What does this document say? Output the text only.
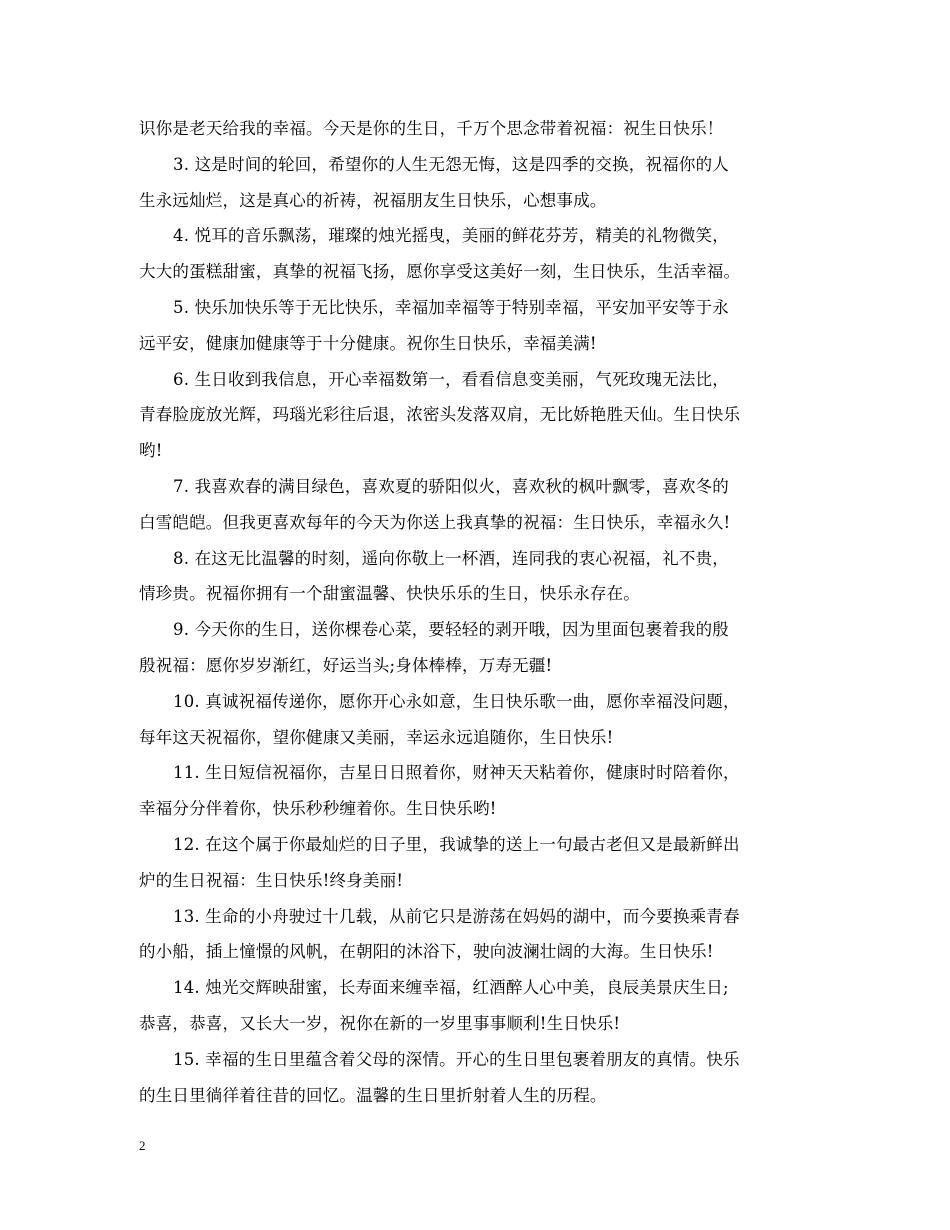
识你是老天给我的幸福。今天是你的生日，千万个思念带着祝福：祝生日快乐！
3. 这是时间的轮回，希望你的人生无怨无悔，这是四季的交换，祝福你的人
生永远灿烂，这是真心的祈祷，祝福朋友生日快乐，心想事成。
4. 悦耳的音乐飘荡，璀璨的烛光摇曳，美丽的鲜花芬芳，精美的礼物微笑，
大大的蛋糕甜蜜，真挚的祝福飞扬，愿你享受这美好一刻，生日快乐，生活幸福。
5. 快乐加快乐等于无比快乐，幸福加幸福等于特别幸福，平安加平安等于永
远平安，健康加健康等于十分健康。祝你生日快乐，幸福美满!
6. 生日收到我信息，开心幸福数第一，看看信息变美丽，气死玫瑰无法比，
青春脸庞放光辉，玛瑙光彩往后退，浓密头发落双肩，无比娇艳胜天仙。生日快乐
哟!
7. 我喜欢春的满目绿色，喜欢夏的骄阳似火，喜欢秋的枫叶飘零，喜欢冬的
白雪皑皑。但我更喜欢每年的今天为你送上我真挚的祝福：生日快乐，幸福永久!
8. 在这无比温馨的时刻，遥向你敬上一杯酒，连同我的衷心祝福，礼不贵，
情珍贵。祝福你拥有一个甜蜜温馨、快快乐乐的生日，快乐永存在。
9. 今天你的生日，送你棵卷心菜，要轻轻的剥开哦，因为里面包裹着我的殷
殷祝福：愿你岁岁渐红，好运当头;身体棒棒，万寿无疆!
10. 真诚祝福传递你，愿你开心永如意，生日快乐歌一曲，愿你幸福没问题，
每年这天祝福你，望你健康又美丽，幸运永远追随你，生日快乐!
11. 生日短信祝福你，吉星日日照着你，财神天天粘着你，健康时时陪着你，
幸福分分伴着你，快乐秒秒缠着你。生日快乐哟!
12. 在这个属于你最灿烂的日子里，我诚挚的送上一句最古老但又是最新鲜出
炉的生日祝福：生日快乐!终身美丽!
13. 生命的小舟驶过十几载，从前它只是游荡在妈妈的湖中，而今要换乘青春
的小船，插上憧憬的风帆，在朝阳的沐浴下，驶向波澜壮阔的大海。生日快乐!
14. 烛光交辉映甜蜜，长寿面来缠幸福，红酒醉人心中美，良辰美景庆生日;
恭喜，恭喜，又长大一岁，祝你在新的一岁里事事顺利!生日快乐!
15. 幸福的生日里蕴含着父母的深情。开心的生日里包裹着朋友的真情。快乐
的生日里徜徉着往昔的回忆。温馨的生日里折射着人生的历程。
2
